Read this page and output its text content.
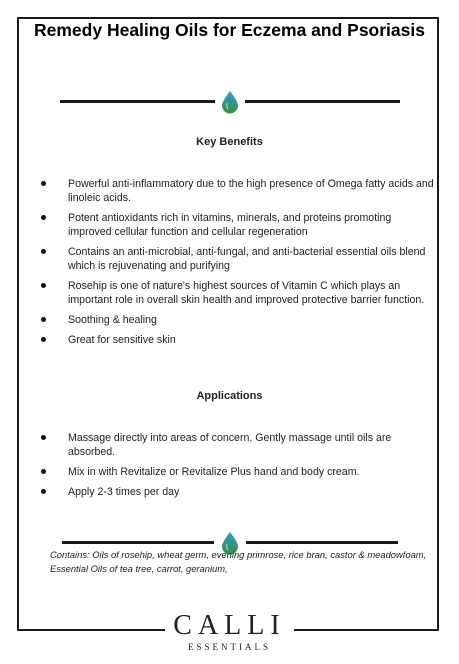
Remedy Healing Oils for Eczema and Psoriasis
Key Benefits
Powerful anti-inflammatory due to the high presence of Omega fatty acids and linoleic acids.
Potent antioxidants rich in vitamins, minerals, and proteins promoting improved cellular function and cellular regeneration
Contains an anti-microbial, anti-fungal, and anti-bacterial essential oils blend which is rejuvenating and purifying
Rosehip is one of nature's highest sources of Vitamin C which plays an important role in overall skin health and improved protective barrier function.
Soothing & healing
Great for sensitive skin
Applications
Massage directly into areas of concern. Gently massage until oils are absorbed.
Mix in with Revitalize or Revitalize Plus hand and body cream.
Apply 2-3 times per day
Contains: Oils of rosehip, wheat germ, evening primrose, rice bran, castor & meadowfoam, Essential Oils of tea tree, carrot, geranium,
CALLI
ESSENTIALS
